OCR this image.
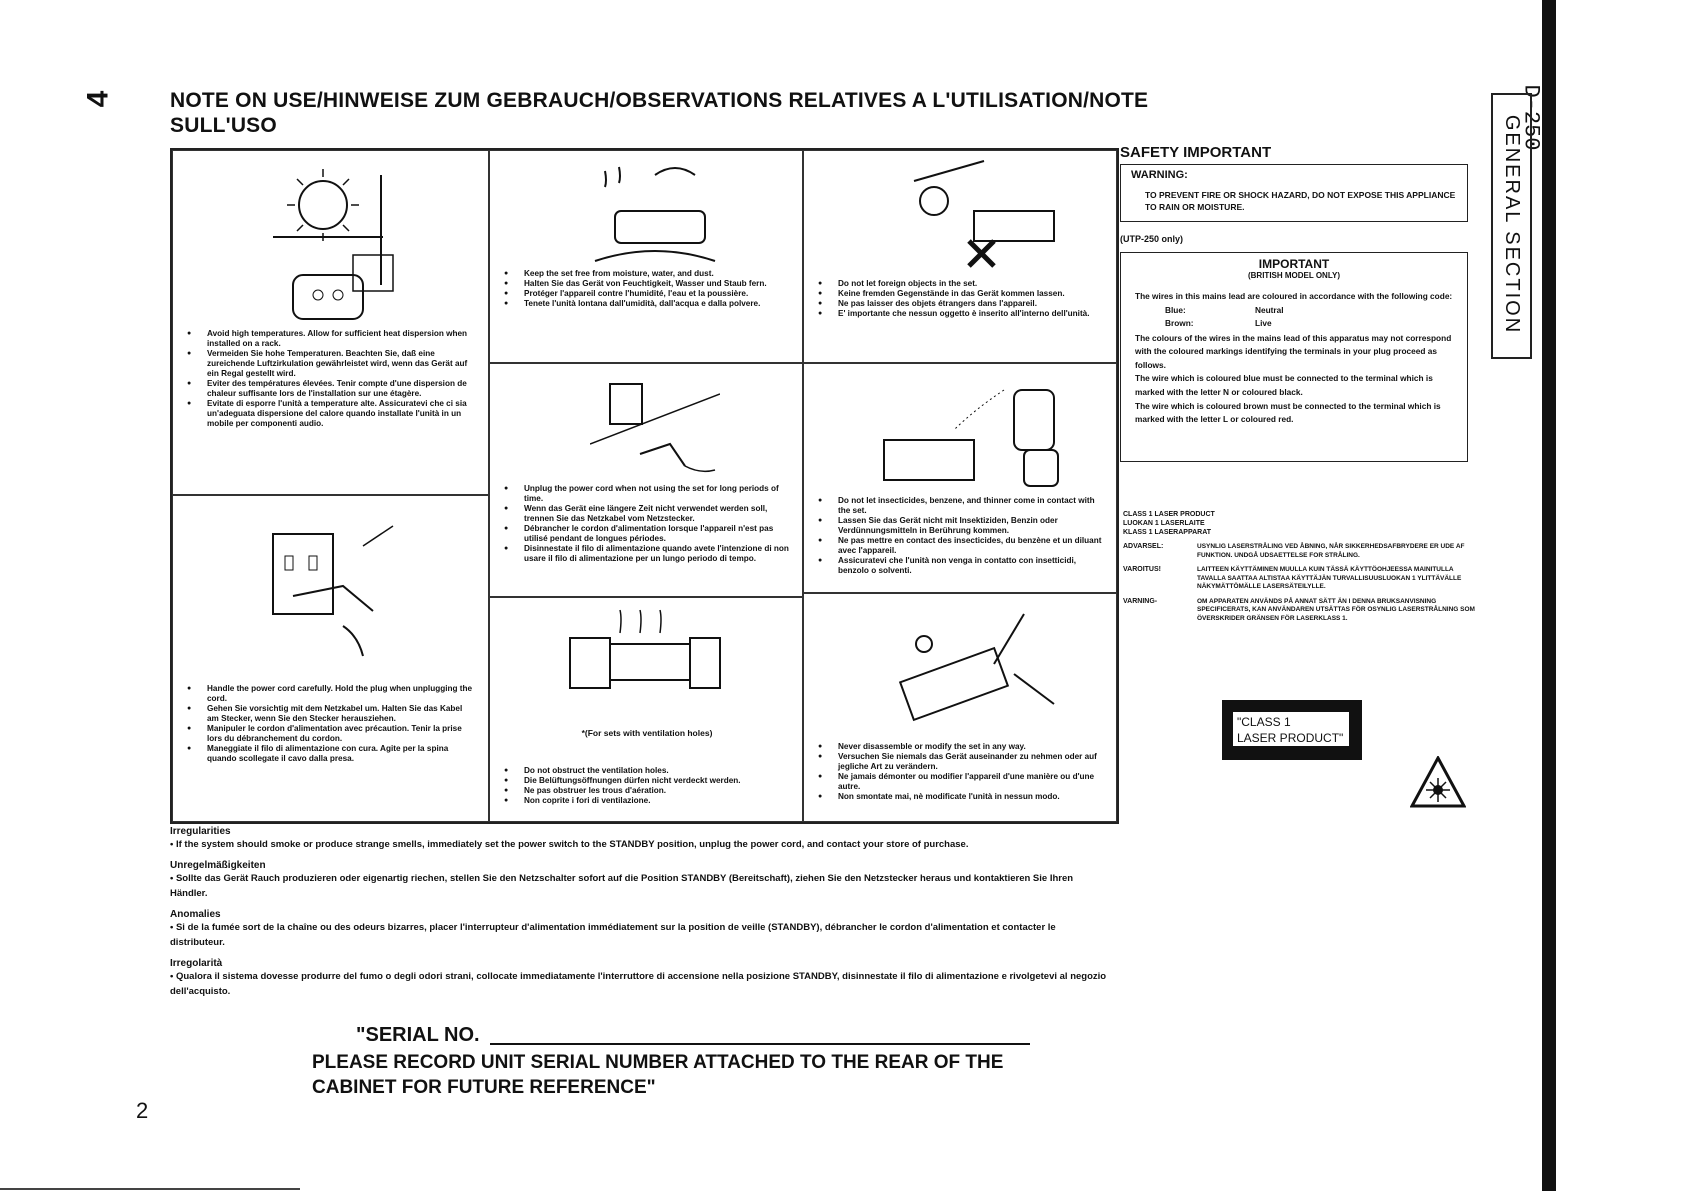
4	NOTE ON USE/HINWEISE ZUM GEBRAUCH/OBSERVATIONS RELATIVES A L'UTILISATION/NOTE SULL'USO	D-250
GENERAL SECTION
● Avoid high temperatures. Allow for sufficient heat dispersion when installed on a rack.
● Vermeiden Sie hohe Temperaturen. Beachten Sie, daß eine zureichende Luftzirkulation gewährleistet wird, wenn das Gerät auf ein Regal gestellt wird.
● Eviter des températures élevées. Tenir compte d'une dispersion de chaleur suffisante lors de l'installation sur une étagère.
● Evitate di esporre l'unità a temperature alte. Assicuratevi che ci sia un'adeguata dispersione del calore quando installate l'unità in un mobile per componenti audio.
● Handle the power cord carefully. Hold the plug when unplugging the cord.
● Gehen Sie vorsichtig mit dem Netzkabel um. Halten Sie das Kabel am Stecker, wenn Sie den Stecker herausziehen.
● Manipuler le cordon d'alimentation avec précaution. Tenir la prise lors du débranchement du cordon.
● Maneggiate il filo di alimentazione con cura. Agite per la spina quando scollegate il cavo dalla presa.
● Keep the set free from moisture, water, and dust.
● Halten Sie das Gerät von Feuchtigkeit, Wasser und Staub fern.
● Protéger l'appareil contre l'humidité, l'eau et la poussière.
● Tenete l'unità lontana dall'umidità, dall'acqua e dalla polvere.
● Unplug the power cord when not using the set for long periods of time.
● Wenn das Gerät eine längere Zeit nicht verwendet werden soll, trennen Sie das Netzkabel vom Netzstecker.
● Débrancher le cordon d'alimentation lorsque l'appareil n'est pas utilisé pendant de longues périodes.
● Disinnestate il filo di alimentazione quando avete l'intenzione di non usare il filo di alimentazione per un lungo periodo di tempo.
*(For sets with ventilation holes)
● Do not obstruct the ventilation holes.
● Die Belüftungsöffnungen dürfen nicht verdeckt werden.
● Ne pas obstruer les trous d'aération.
● Non coprite i fori di ventilazione.
● Do not let foreign objects in the set.
● Keine fremden Gegenstände in das Gerät kommen lassen.
● Ne pas laisser des objets étrangers dans l'appareil.
● E' importante che nessun oggetto è inserito all'interno dell'unità.
● Do not let insecticides, benzene, and thinner come in contact with the set.
● Lassen Sie das Gerät nicht mit Insektiziden, Benzin oder Verdünnungsmitteln in Berührung kommen.
● Ne pas mettre en contact des insecticides, du benzène et un diluant avec l'appareil.
● Assicuratevi che l'unità non venga in contatto con insetticidi, benzolo o solventi.
● Never disassemble or modify the set in any way.
● Versuchen Sie niemals das Gerät auseinander zu nehmen oder auf jegliche Art zu verändern.
● Ne jamais démonter ou modifier l'appareil d'une manière ou d'une autre.
● Non smontate mai, nè modificate l'unità in nessun modo.
SAFETY IMPORTANT
WARNING:
TO PREVENT FIRE OR SHOCK HAZARD, DO NOT EXPOSE THIS APPLIANCE TO RAIN OR MOISTURE.
(UTP-250 only)
IMPORTANT
(BRITISH MODEL ONLY)
The wires in this mains lead are coloured in accordance with the following code:
Blue:	Neutral
Brown:	Live
The colours of the wires in the mains lead of this apparatus may not correspond with the coloured markings identifying the terminals in your plug proceed as follows.
The wire which is coloured blue must be connected to the terminal which is marked with the letter N or coloured black.
The wire which is coloured brown must be connected to the terminal which is marked with the letter L or coloured red.
CLASS 1 LASER PRODUCT
LUOKAN 1 LASERLAITE
KLASS 1 LASERAPPARAT
ADVARSEL:	USYNLIG LASERSTRÅLING VED ÅBNING, NÅR SIKKERHEDSAFBRYDERE ER UDE AF FUNKTION. UNDGÅ UDSAETTELSE FOR STRÅLING.
VAROITUS!	LAITTEEN KÄYTTÄMINEN MUULLA KUIN TÄSSÄ KÄYTTÖOHJEESSA MAINITULLA TAVALLA SAATTAA ALTISTAA KÄYTTÄJÄN TURVALLISUUSLUOKAN 1 YLITTÄVÄLLE NÄKYMÄTTÖMÄLLE LASERSÄTEILYLLE.
VARNING-	OM APPARATEN ANVÄNDS PÅ ANNAT SÄTT ÄN I DENNA BRUKSANVISNING SPECIFICERATS, KAN ANVÄNDAREN UTSÄTTAS FÖR OSYNLIG LASERSTRÅLNING SOM ÖVERSKRIDER GRÄNSEN FÖR LASERKLASS 1.
"CLASS 1
LASER PRODUCT"
Irregularities
• If the system should smoke or produce strange smells, immediately set the power switch to the STANDBY position, unplug the power cord, and contact your store of purchase.
Unregelmäßigkeiten
• Sollte das Gerät Rauch produzieren oder eigenartig riechen, stellen Sie den Netzschalter sofort auf die Position STANDBY (Bereitschaft), ziehen Sie den Netzstecker heraus und kontaktieren Sie Ihren Händler.
Anomalies
• Si de la fumée sort de la chaîne ou des odeurs bizarres, placer l'interrupteur d'alimentation immédiatement sur la position de veille (STANDBY), débrancher le cordon d'alimentation et contacter le distributeur.
Irregolarità
• Qualora il sistema dovesse produrre del fumo o degli odori strani, collocate immediatamente l'interruttore di accensione nella posizione STANDBY, disinnestate il filo di alimentazione e rivolgetevi al negozio dell'acquisto.
"SERIAL NO.
PLEASE RECORD UNIT SERIAL NUMBER ATTACHED TO THE REAR OF THE CABINET FOR FUTURE REFERENCE"
2
